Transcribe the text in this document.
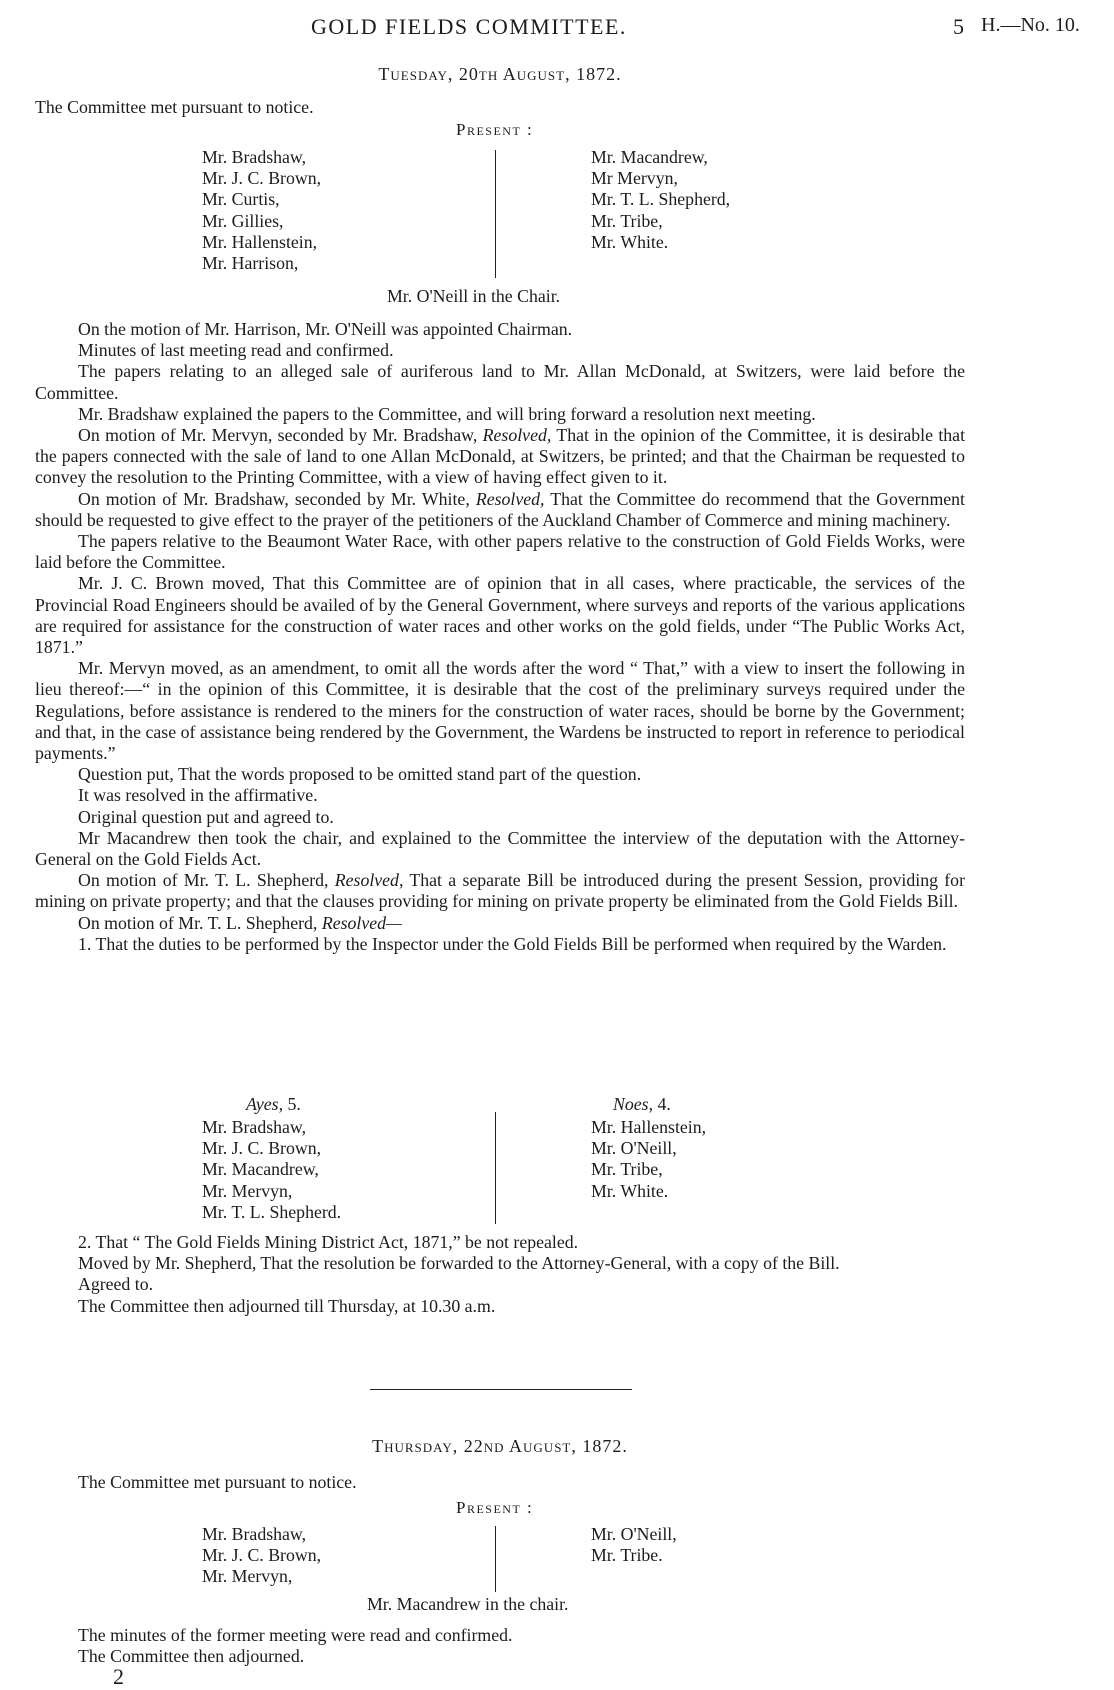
GOLD FIELDS COMMITTEE.	5 H.—No. 10.
Tuesday, 20th August, 1872.
The Committee met pursuant to notice.
Present :
Mr. Bradshaw,
Mr. J. C. Brown,
Mr. Curtis,
Mr. Gillies,
Mr. Hallenstein,
Mr. Harrison,
Mr. Macandrew,
Mr Mervyn,
Mr. T. L. Shepherd,
Mr. Tribe,
Mr. White.
Mr. O'Neill in the Chair.
On the motion of Mr. Harrison, Mr. O'Neill was appointed Chairman.
Minutes of last meeting read and confirmed.
The papers relating to an alleged sale of auriferous land to Mr. Allan McDonald, at Switzers, were laid before the Committee.
Mr. Bradshaw explained the papers to the Committee, and will bring forward a resolution next meeting.
On motion of Mr. Mervyn, seconded by Mr. Bradshaw, Resolved, That in the opinion of the Committee, it is desirable that the papers connected with the sale of land to one Allan McDonald, at Switzers, be printed; and that the Chairman be requested to convey the resolution to the Printing Committee, with a view of having effect given to it.
On motion of Mr. Bradshaw, seconded by Mr. White, Resolved, That the Committee do recommend that the Government should be requested to give effect to the prayer of the petitioners of the Auckland Chamber of Commerce and mining machinery.
The papers relative to the Beaumont Water Race, with other papers relative to the construction of Gold Fields Works, were laid before the Committee.
Mr. J. C. Brown moved, That this Committee are of opinion that in all cases, where practicable, the services of the Provincial Road Engineers should be availed of by the General Government, where surveys and reports of the various applications are required for assistance for the construction of water races and other works on the gold fields, under “The Public Works Act, 1871.”
Mr. Mervyn moved, as an amendment, to omit all the words after the word “ That,” with a view to insert the following in lieu thereof:—“ in the opinion of this Committee, it is desirable that the cost of the preliminary surveys required under the Regulations, before assistance is rendered to the miners for the construction of water races, should be borne by the Government; and that, in the case of assistance being rendered by the Government, the Wardens be instructed to report in reference to periodical payments.”
Question put, That the words proposed to be omitted stand part of the question.
It was resolved in the affirmative.
Original question put and agreed to.
Mr Macandrew then took the chair, and explained to the Committee the interview of the deputation with the Attorney-General on the Gold Fields Act.
On motion of Mr. T. L. Shepherd, Resolved, That a separate Bill be introduced during the present Session, providing for mining on private property; and that the clauses providing for mining on private property be eliminated from the Gold Fields Bill.
On motion of Mr. T. L. Shepherd, Resolved—
1. That the duties to be performed by the Inspector under the Gold Fields Bill be performed when required by the Warden.
Ayes, 5.
Mr. Bradshaw,
Mr. J. C. Brown,
Mr. Macandrew,
Mr. Mervyn,
Mr. T. L. Shepherd.
Noes, 4.
Mr. Hallenstein,
Mr. O'Neill,
Mr. Tribe,
Mr. White.
2. That “ The Gold Fields Mining District Act, 1871,” be not repealed.
Moved by Mr. Shepherd, That the resolution be forwarded to the Attorney-General, with a copy of the Bill.
Agreed to.
The Committee then adjourned till Thursday, at 10.30 a.m.
Thursday, 22nd August, 1872.
The Committee met pursuant to notice.
Present :
Mr. Bradshaw,
Mr. J. C. Brown,
Mr. Mervyn,
Mr. O'Neill,
Mr. Tribe.
Mr. Macandrew in the chair.
The minutes of the former meeting were read and confirmed.
The Committee then adjourned.
2
